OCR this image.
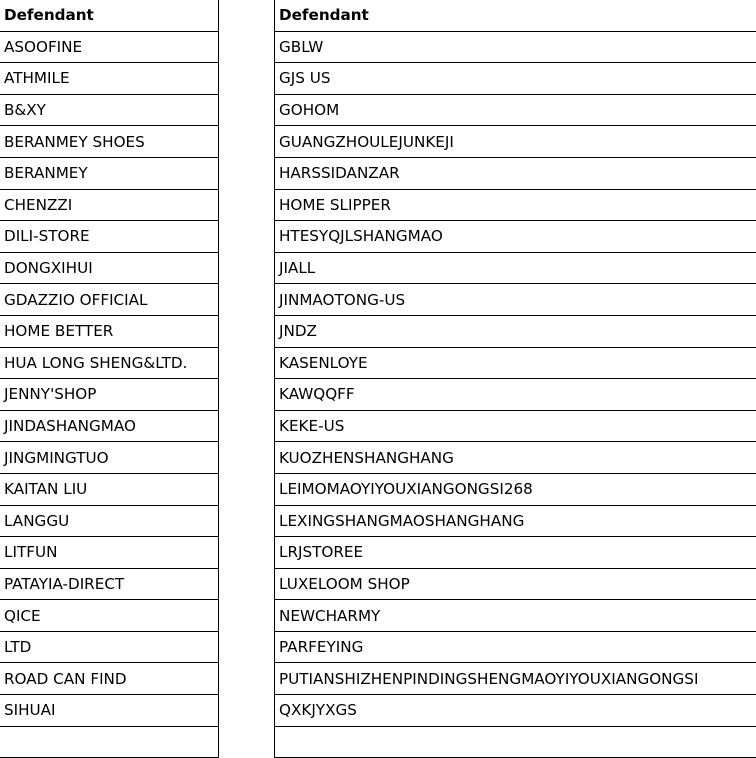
Defendant
ASOOFINE
ATHMILE
B&XY
BERANMEY SHOES
BERANMEY
CHENZZI
DILI-STORE
DONGXIHUI
GDAZZIO OFFICIAL
HOME BETTER
HUA LONG SHENG&LTD.
JENNY'SHOP
JINDASHANGMAO
JINGMINGTUO
KAITAN LIU
LANGGU
LITFUN
PATAYIA-DIRECT
QICE
LTD
ROAD CAN FIND
SIHUAI

Defendant
GBLW
GJS US
GOHOM
GUANGZHOULEJUNKEJI
HARSSIDANZAR
HOME SLIPPER
HTESYQJLSHANGMAO
JIALL
JINMAOTONG-US
JNDZ
KASENLOYE
KAWQQFF
KEKE-US
KUOZHENSHANGHANG
LEIMOMAOYIYOUXIANGONGSI268
LEXINGSHANGMAOSHANGHANG
LRJSTOREE
LUXELOOM SHOP
NEWCHARMY
PARFEYING
PUTIANSHIZHENPINDINGSHENGMAOYIYOUXIANGONGSI
QXKJYXGS
